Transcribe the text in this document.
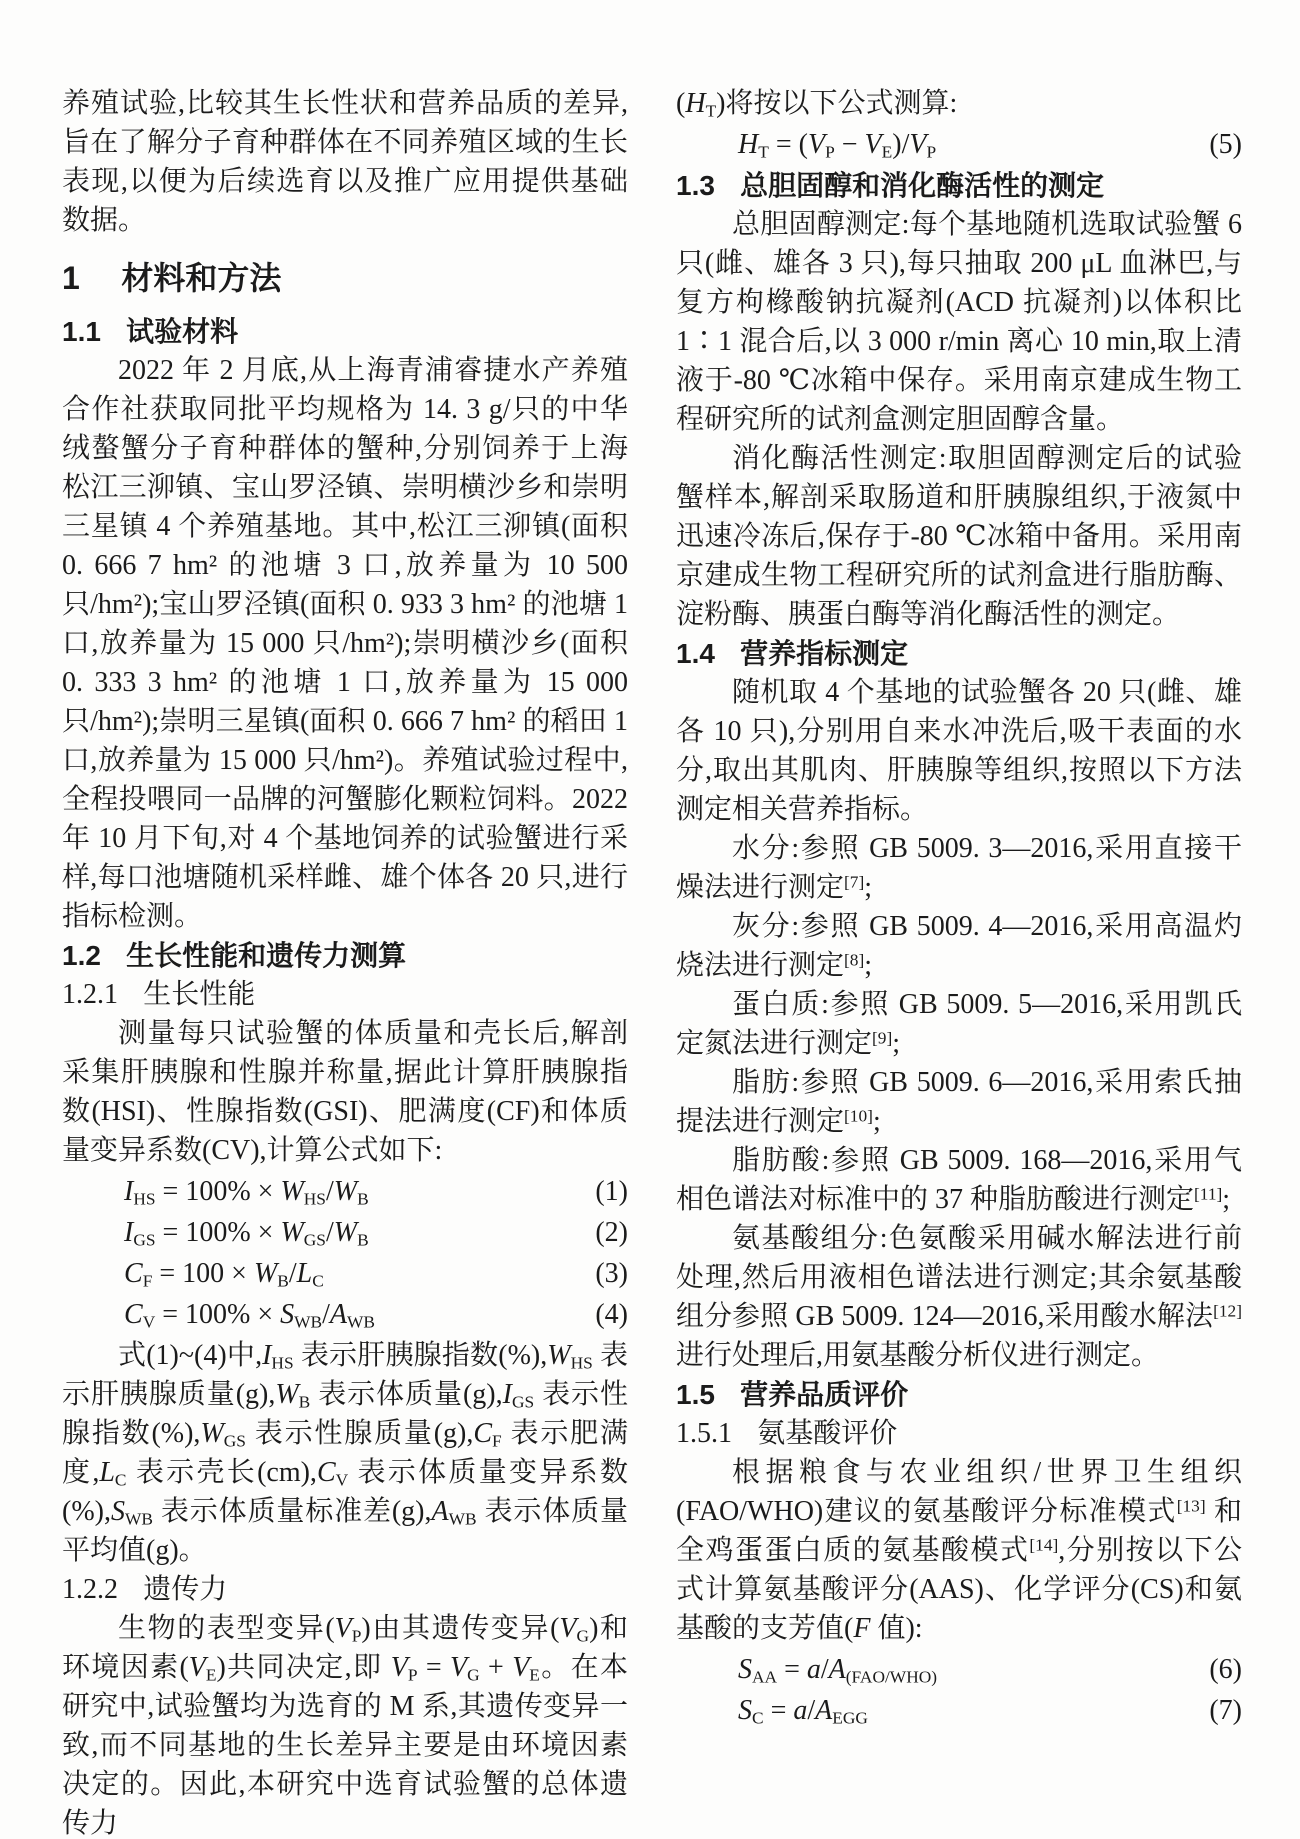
养殖试验,比较其生长性状和营养品质的差异,旨在了解分子育种群体在不同养殖区域的生长表现,以便为后续选育以及推广应用提供基础数据。

1 材料和方法
1.1 试验材料

2022 年 2 月底,从上海青浦睿捷水产养殖合作社获取同批平均规格为 14. 3 g/只的中华绒螯蟹分子育种群体的蟹种,分别饲养于上海松江三泖镇、宝山罗泾镇、崇明横沙乡和崇明三星镇 4 个养殖基地。其中,松江三泖镇(面积 0. 666 7 hm² 的池塘 3 口,放养量为 10 500 只/hm²);宝山罗泾镇(面积 0. 933 3 hm² 的池塘 1 口,放养量为 15 000 只/hm²);崇明横沙乡(面积 0. 333 3 hm² 的池塘 1 口,放养量为 15 000 只/hm²);崇明三星镇(面积 0. 666 7 hm² 的稻田 1 口,放养量为 15 000 只/hm²)。养殖试验过程中,全程投喂同一品牌的河蟹膨化颗粒饲料。2022 年 10 月下旬,对 4 个基地饲养的试验蟹进行采样,每口池塘随机采样雌、雄个体各 20 只,进行指标检测。

1.2 生长性能和遗传力测算
1.2.1 生长性能

测量每只试验蟹的体质量和壳长后,解剖采集肝胰腺和性腺并称量,据此计算肝胰腺指数(HSI)、性腺指数(GSI)、肥满度(CF)和体质量变异系数(CV),计算公式如下:

IHS = 100% × WHS/WB	(1)
IGS = 100% × WGS/WB	(2)
CF = 100 × WB/LC	(3)
CV = 100% × SWB/AWB	(4)

式(1)~(4)中,IHS 表示肝胰腺指数(%),WHS 表示肝胰腺质量(g),WB 表示体质量(g),IGS 表示性腺指数(%),WGS 表示性腺质量(g),CF 表示肥满度,LC 表示壳长(cm),CV 表示体质量变异系数(%),SWB 表示体质量标准差(g),AWB 表示体质量平均值(g)。

1.2.2 遗传力

生物的表型变异(VP)由其遗传变异(VG)和环境因素(VE)共同决定,即 VP = VG + VE。在本研究中,试验蟹均为选育的 M 系,其遗传变异一致,而不同基地的生长差异主要是由环境因素决定的。因此,本研究中选育试验蟹的总体遗传力

(HT)将按以下公式测算:

HT = (VP − VE)/VP	(5)
1.3 总胆固醇和消化酶活性的测定

总胆固醇测定:每个基地随机选取试验蟹 6 只(雌、雄各 3 只),每只抽取 200 μL 血淋巴,与复方枸橼酸钠抗凝剂(ACD 抗凝剂)以体积比 1∶1 混合后,以 3 000 r/min 离心 10 min,取上清液于-80 ℃冰箱中保存。采用南京建成生物工程研究所的试剂盒测定胆固醇含量。

消化酶活性测定:取胆固醇测定后的试验蟹样本,解剖采取肠道和肝胰腺组织,于液氮中迅速冷冻后,保存于-80 ℃冰箱中备用。采用南京建成生物工程研究所的试剂盒进行脂肪酶、淀粉酶、胰蛋白酶等消化酶活性的测定。

1.4 营养指标测定

随机取 4 个基地的试验蟹各 20 只(雌、雄各 10 只),分别用自来水冲洗后,吸干表面的水分,取出其肌肉、肝胰腺等组织,按照以下方法测定相关营养指标。

水分:参照 GB 5009. 3—2016,采用直接干燥法进行测定[7];

灰分:参照 GB 5009. 4—2016,采用高温灼烧法进行测定[8];

蛋白质:参照 GB 5009. 5—2016,采用凯氏定氮法进行测定[9];

脂肪:参照 GB 5009. 6—2016,采用索氏抽提法进行测定[10];

脂肪酸:参照 GB 5009. 168—2016,采用气相色谱法对标准中的 37 种脂肪酸进行测定[11];

氨基酸组分:色氨酸采用碱水解法进行前处理,然后用液相色谱法进行测定;其余氨基酸组分参照 GB 5009. 124—2016,采用酸水解法[12] 进行处理后,用氨基酸分析仪进行测定。

1.5 营养品质评价
1.5.1 氨基酸评价

根据粮食与农业组织/世界卫生组织(FAO/WHO)建议的氨基酸评分标准模式[13] 和全鸡蛋蛋白质的氨基酸模式[14],分别按以下公式计算氨基酸评分(AAS)、化学评分(CS)和氨基酸的支芳值(F 值):

SAA = a/A(FAO/WHO)	(6)
SC = a/AEGG	(7)
